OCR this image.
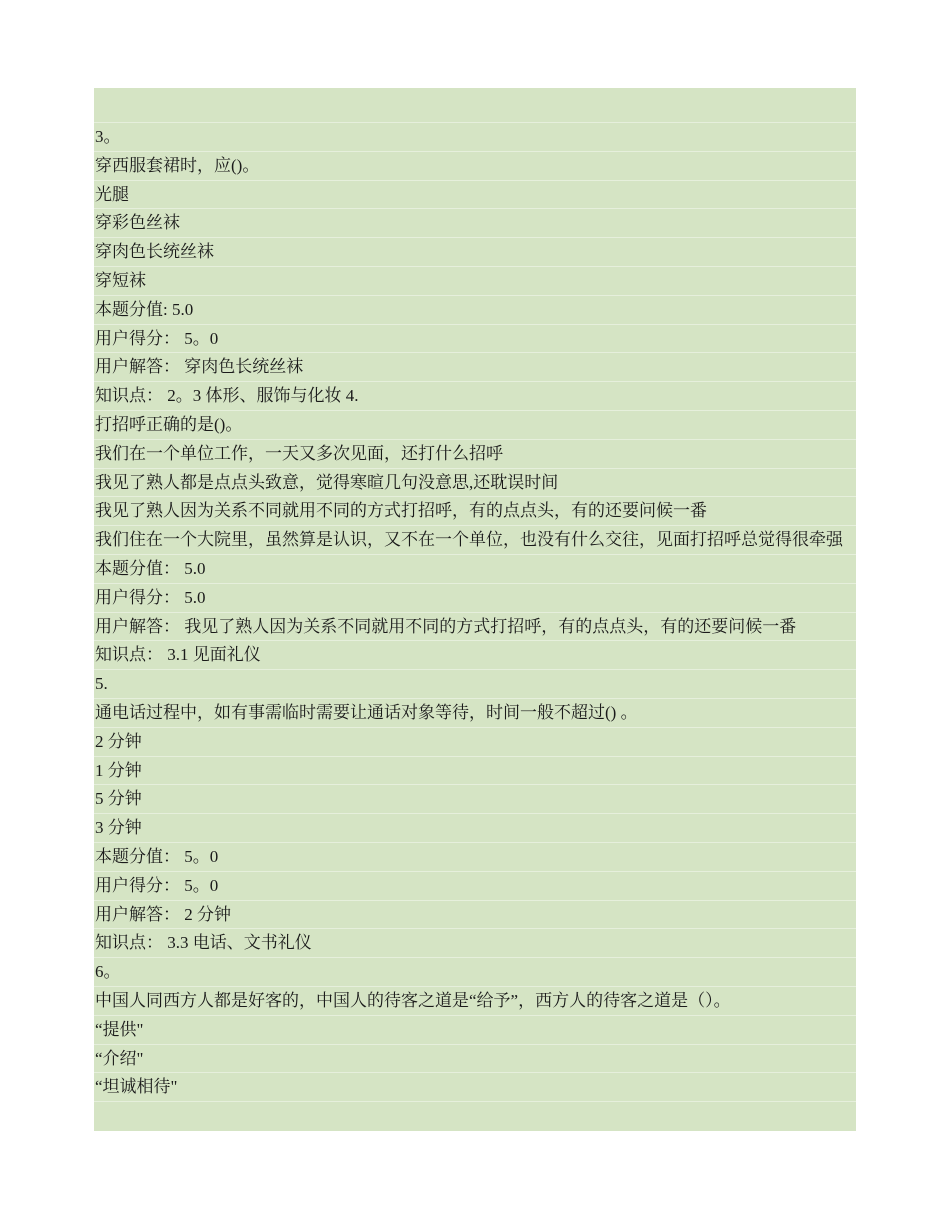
3。
穿西服套裙时，应()。
光腿
穿彩色丝袜
穿肉色长统丝袜
穿短袜
本题分值: 5.0
用户得分： 5。0
用户解答： 穿肉色长统丝袜
知识点： 2。3 体形、服饰与化妆 4.
打招呼正确的是()。
我们在一个单位工作，一天又多次见面，还打什么招呼
我见了熟人都是点点头致意，觉得寒暄几句没意思,还耽误时间
我见了熟人因为关系不同就用不同的方式打招呼，有的点点头，有的还要问候一番
我们住在一个大院里，虽然算是认识，又不在一个单位，也没有什么交往，见面打招呼总觉得很牵强
本题分值： 5.0
用户得分： 5.0
用户解答： 我见了熟人因为关系不同就用不同的方式打招呼，有的点点头，有的还要问候一番
知识点： 3.1 见面礼仪
5.
通电话过程中，如有事需临时需要让通话对象等待，时间一般不超过() 。
2 分钟
1 分钟
5 分钟
3 分钟
本题分值： 5。0
用户得分： 5。0
用户解答： 2 分钟
知识点： 3.3 电话、文书礼仪
6。
中国人同西方人都是好客的，中国人的待客之道是“给予”，西方人的待客之道是（）。
“提供"
“介绍"
“坦诚相待"
